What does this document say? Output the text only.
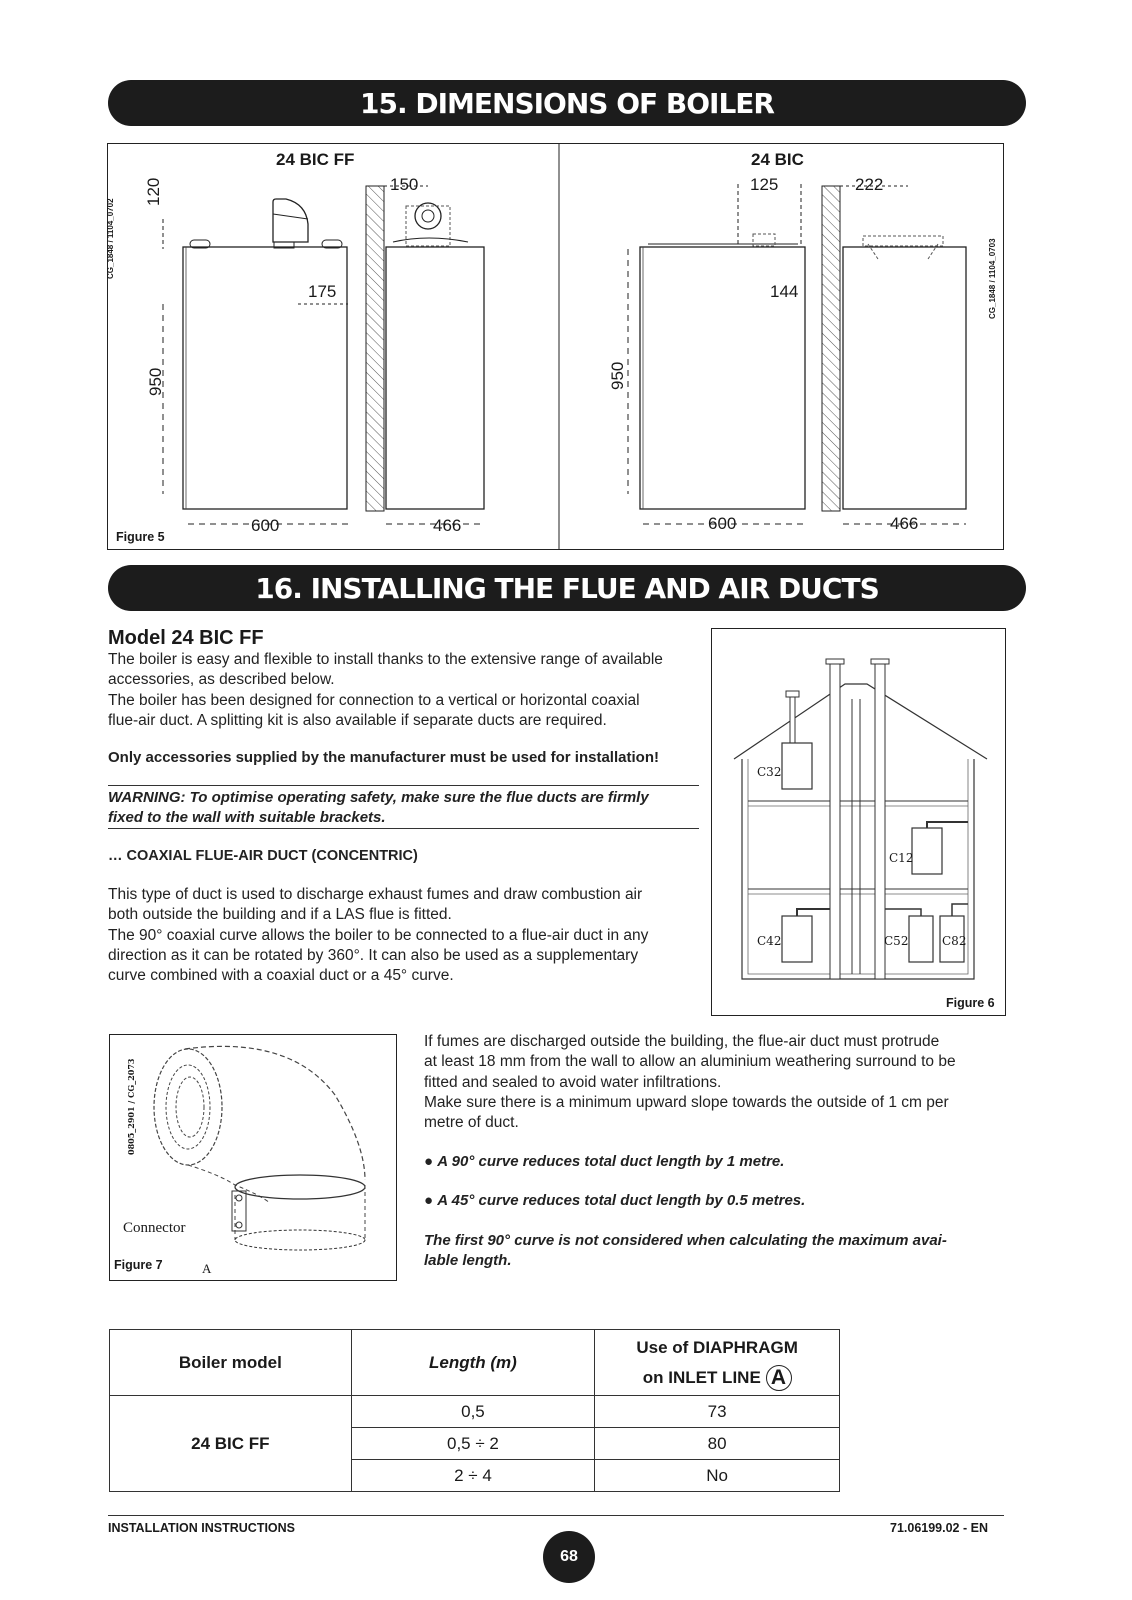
15. DIMENSIONS OF BOILER
24 BIC FF	24 BIC
CG_1848 / 1104_0702	CG_1848 / 1104_0703
120	150
175
950
600	466
125	222
144
950
600	466
Figure 5
16. INSTALLING THE FLUE AND AIR DUCTS
Model 24 BIC FF
The boiler is easy and flexible to install thanks to the extensive range of available
accessories, as described below.
The boiler has been designed for connection to a vertical or horizontal coaxial
flue-air duct. A splitting kit is also available if separate ducts are required.
Only accessories supplied by the manufacturer must be used for installation!
WARNING: To optimise operating safety, make sure the flue ducts are firmly
fixed to the wall with suitable brackets.
… COAXIAL FLUE-AIR DUCT (CONCENTRIC)
This type of duct is used to discharge exhaust fumes and draw combustion air
both outside the building and if a LAS flue is fitted.
The 90° coaxial curve allows the boiler to be connected to a flue-air duct in any
direction as it can be rotated by 360°. It can also be used as a supplementary
curve combined with a coaxial duct or a 45° curve.
C32
C12
C42	C52	C82
Figure 6
0805_2901 / CG_2073
Connector
A
Figure 7
If fumes are discharged outside the building, the flue-air duct must protrude
at least 18 mm from the wall to allow an aluminium weathering surround to be
fitted and sealed to avoid water infiltrations.
Make sure there is a minimum upward slope towards the outside of 1 cm per
metre of duct.
● A 90° curve reduces total duct length by 1 metre.
● A 45° curve reduces total duct length by 0.5 metres.
The first 90° curve is not considered when calculating the maximum avai-
lable length.
Boiler model	Length (m)	Use of DIAPHRAGM
on INLET LINE A

24 BIC FF	0,5	73
	0,5 ÷ 2	80
	2 ÷ 4	No
INSTALLATION INSTRUCTIONS	71.06199.02 - EN
68
